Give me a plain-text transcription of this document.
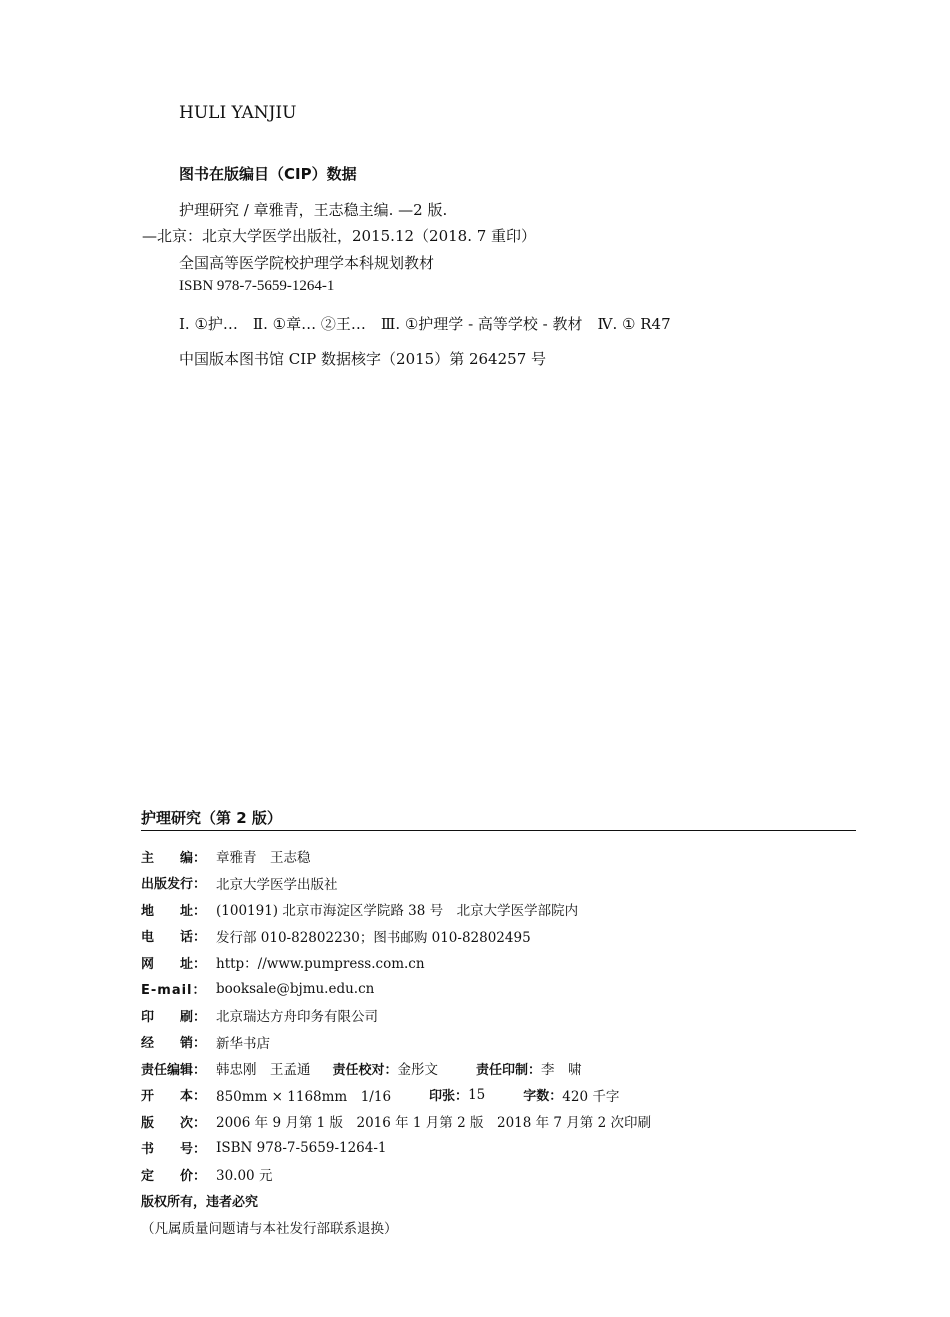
HULI YANJIU
图书在版编目（CIP）数据
护理研究 / 章雅青，王志稳主编. —2 版.
—北京：北京大学医学出版社，2015.12（2018. 7 重印）
全国高等医学院校护理学本科规划教材
ISBN 978-7-5659-1264-1
Ⅰ. ①护…　Ⅱ. ①章… ②王…　Ⅲ. ①护理学 - 高等学校 - 教材　Ⅳ. ① R47
中国版本图书馆 CIP 数据核字（2015）第 264257 号
护理研究（第 2 版）
主　　编： 章雅青　王志稳
出版发行： 北京大学医学出版社
地　　址： (100191) 北京市海淀区学院路 38 号　北京大学医学部院内
电　　话： 发行部 010-82802230；图书邮购 010-82802495
网　　址： http：//www.pumpress.com.cn
E-mail： booksale@bjmu.edu.cn
印　　刷： 北京瑞达方舟印务有限公司
经　　销： 新华书店
责任编辑： 韩忠刚　王孟通 责任校对： 金彤文	责任印制： 李　啸
开　　本： 850mm × 1168mm　1/16	印张： 15	字数： 420 千字
版　　次： 2006 年 9 月第 1 版　2016 年 1 月第 2 版　2018 年 7 月第 2 次印刷
书　　号： ISBN 978-7-5659-1264-1
定　　价： 30.00 元
版权所有，违者必究
（凡属质量问题请与本社发行部联系退换）
